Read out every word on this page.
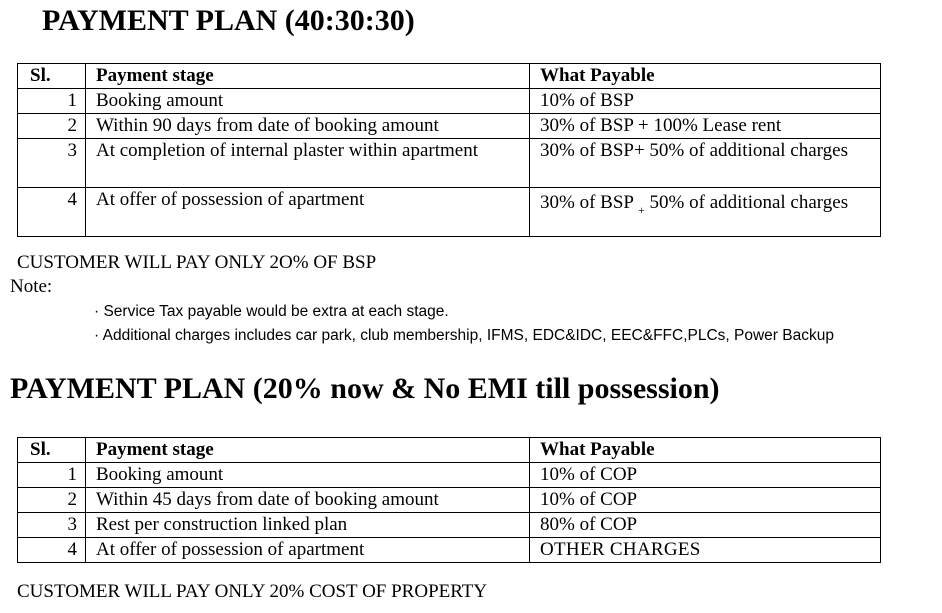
PAYMENT PLAN (40:30:30)
Sl.	Payment stage	What Payable
1	Booking amount	10% of BSP
2	Within 90 days from date of booking amount	30% of BSP + 100% Lease rent
3	At completion of internal plaster within apartment	30% of BSP+ 50% of additional charges
4	At offer of possession of apartment	30% of BSP $_+$ 50% of additional charges
CUSTOMER WILL PAY ONLY 2O% OF BSP
Note:
· Service Tax payable would be extra at each stage.
· Additional charges includes car park, club membership, IFMS, EDC&IDC, EEC&FFC,PLCs, Power Backup
PAYMENT PLAN (20% now & No EMI till possession)
Sl.	Payment stage	What Payable
1	Booking amount	10% of COP
2	Within 45 days from date of booking amount	10% of COP
3	Rest per construction linked plan	80% of COP
4	At offer of possession of apartment	OTHER CHARGES
CUSTOMER WILL PAY ONLY 20% COST OF PROPERTY
